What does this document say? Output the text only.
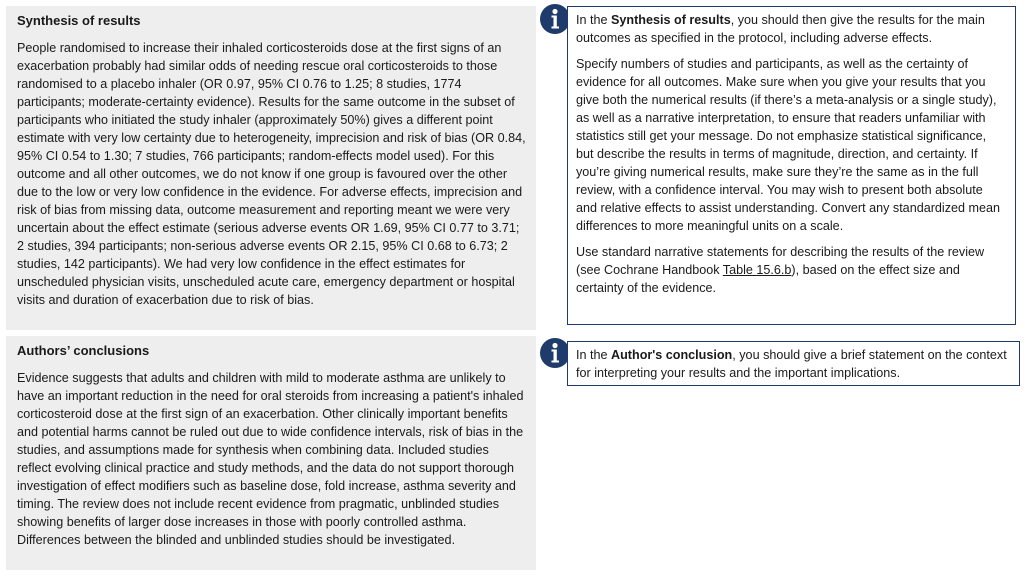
Synthesis of results

People randomised to increase their inhaled corticosteroids dose at the first signs of an exacerbation probably had similar odds of needing rescue oral corticosteroids to those randomised to a placebo inhaler (OR 0.97, 95% CI 0.76 to 1.25; 8 studies, 1774 participants; moderate-certainty evidence). Results for the same outcome in the subset of participants who initiated the study inhaler (approximately 50%) gives a different point estimate with very low certainty due to heterogeneity, imprecision and risk of bias (OR 0.84, 95% CI 0.54 to 1.30; 7 studies, 766 participants; random-effects model used). For this outcome and all other outcomes, we do not know if one group is favoured over the other due to the low or very low confidence in the evidence. For adverse effects, imprecision and risk of bias from missing data, outcome measurement and reporting meant we were very uncertain about the effect estimate (serious adverse events OR 1.69, 95% CI 0.77 to 3.71; 2 studies, 394 participants; non-serious adverse events OR 2.15, 95% CI 0.68 to 6.73; 2 studies, 142 participants). We had very low confidence in the effect estimates for unscheduled physician visits, unscheduled acute care, emergency department or hospital visits and duration of exacerbation due to risk of bias.

Authors’ conclusions

Evidence suggests that adults and children with mild to moderate asthma are unlikely to have an important reduction in the need for oral steroids from increasing a patient's inhaled corticosteroid dose at the first sign of an exacerbation. Other clinically important benefits and potential harms cannot be ruled out due to wide confidence intervals, risk of bias in the studies, and assumptions made for synthesis when combining data. Included studies reflect evolving clinical practice and study methods, and the data do not support thorough investigation of effect modifiers such as baseline dose, fold increase, asthma severity and timing. The review does not include recent evidence from pragmatic, unblinded studies showing benefits of larger dose increases in those with poorly controlled asthma. Differences between the blinded and unblinded studies should be investigated.

In the Synthesis of results, you should then give the results for the main outcomes as specified in the protocol, including adverse effects.

Specify numbers of studies and participants, as well as the certainty of evidence for all outcomes. Make sure when you give your results that you give both the numerical results (if there’s a meta-analysis or a single study), as well as a narrative interpretation, to ensure that readers unfamiliar with statistics still get your message. Do not emphasize statistical significance, but describe the results in terms of magnitude, direction, and certainty. If you’re giving numerical results, make sure they’re the same as in the full review, with a confidence interval. You may wish to present both absolute and relative effects to assist understanding. Convert any standardized mean differences to more meaningful units on a scale.

Use standard narrative statements for describing the results of the review (see Cochrane Handbook Table 15.6.b), based on the effect size and certainty of the evidence.

In the Author's conclusion, you should give a brief statement on the context for interpreting your results and the important implications.
